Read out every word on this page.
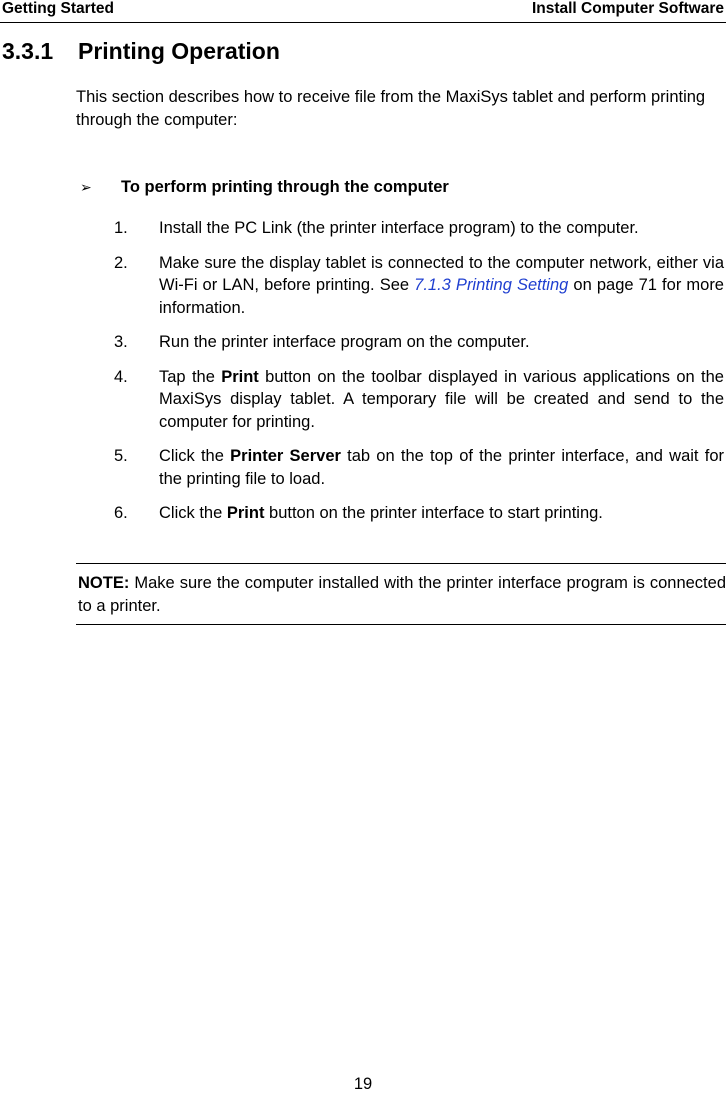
Getting Started	Install Computer Software
3.3.1 Printing Operation
This section describes how to receive file from the MaxiSys tablet and perform printing through the computer:
➢ To perform printing through the computer
1. Install the PC Link (the printer interface program) to the computer.
2. Make sure the display tablet is connected to the computer network, either via Wi-Fi or LAN, before printing. See 7.1.3 Printing Setting on page 71 for more information.
3. Run the printer interface program on the computer.
4. Tap the Print button on the toolbar displayed in various applications on the MaxiSys display tablet. A temporary file will be created and send to the computer for printing.
5. Click the Printer Server tab on the top of the printer interface, and wait for the printing file to load.
6. Click the Print button on the printer interface to start printing.
NOTE: Make sure the computer installed with the printer interface program is connected to a printer.
19
